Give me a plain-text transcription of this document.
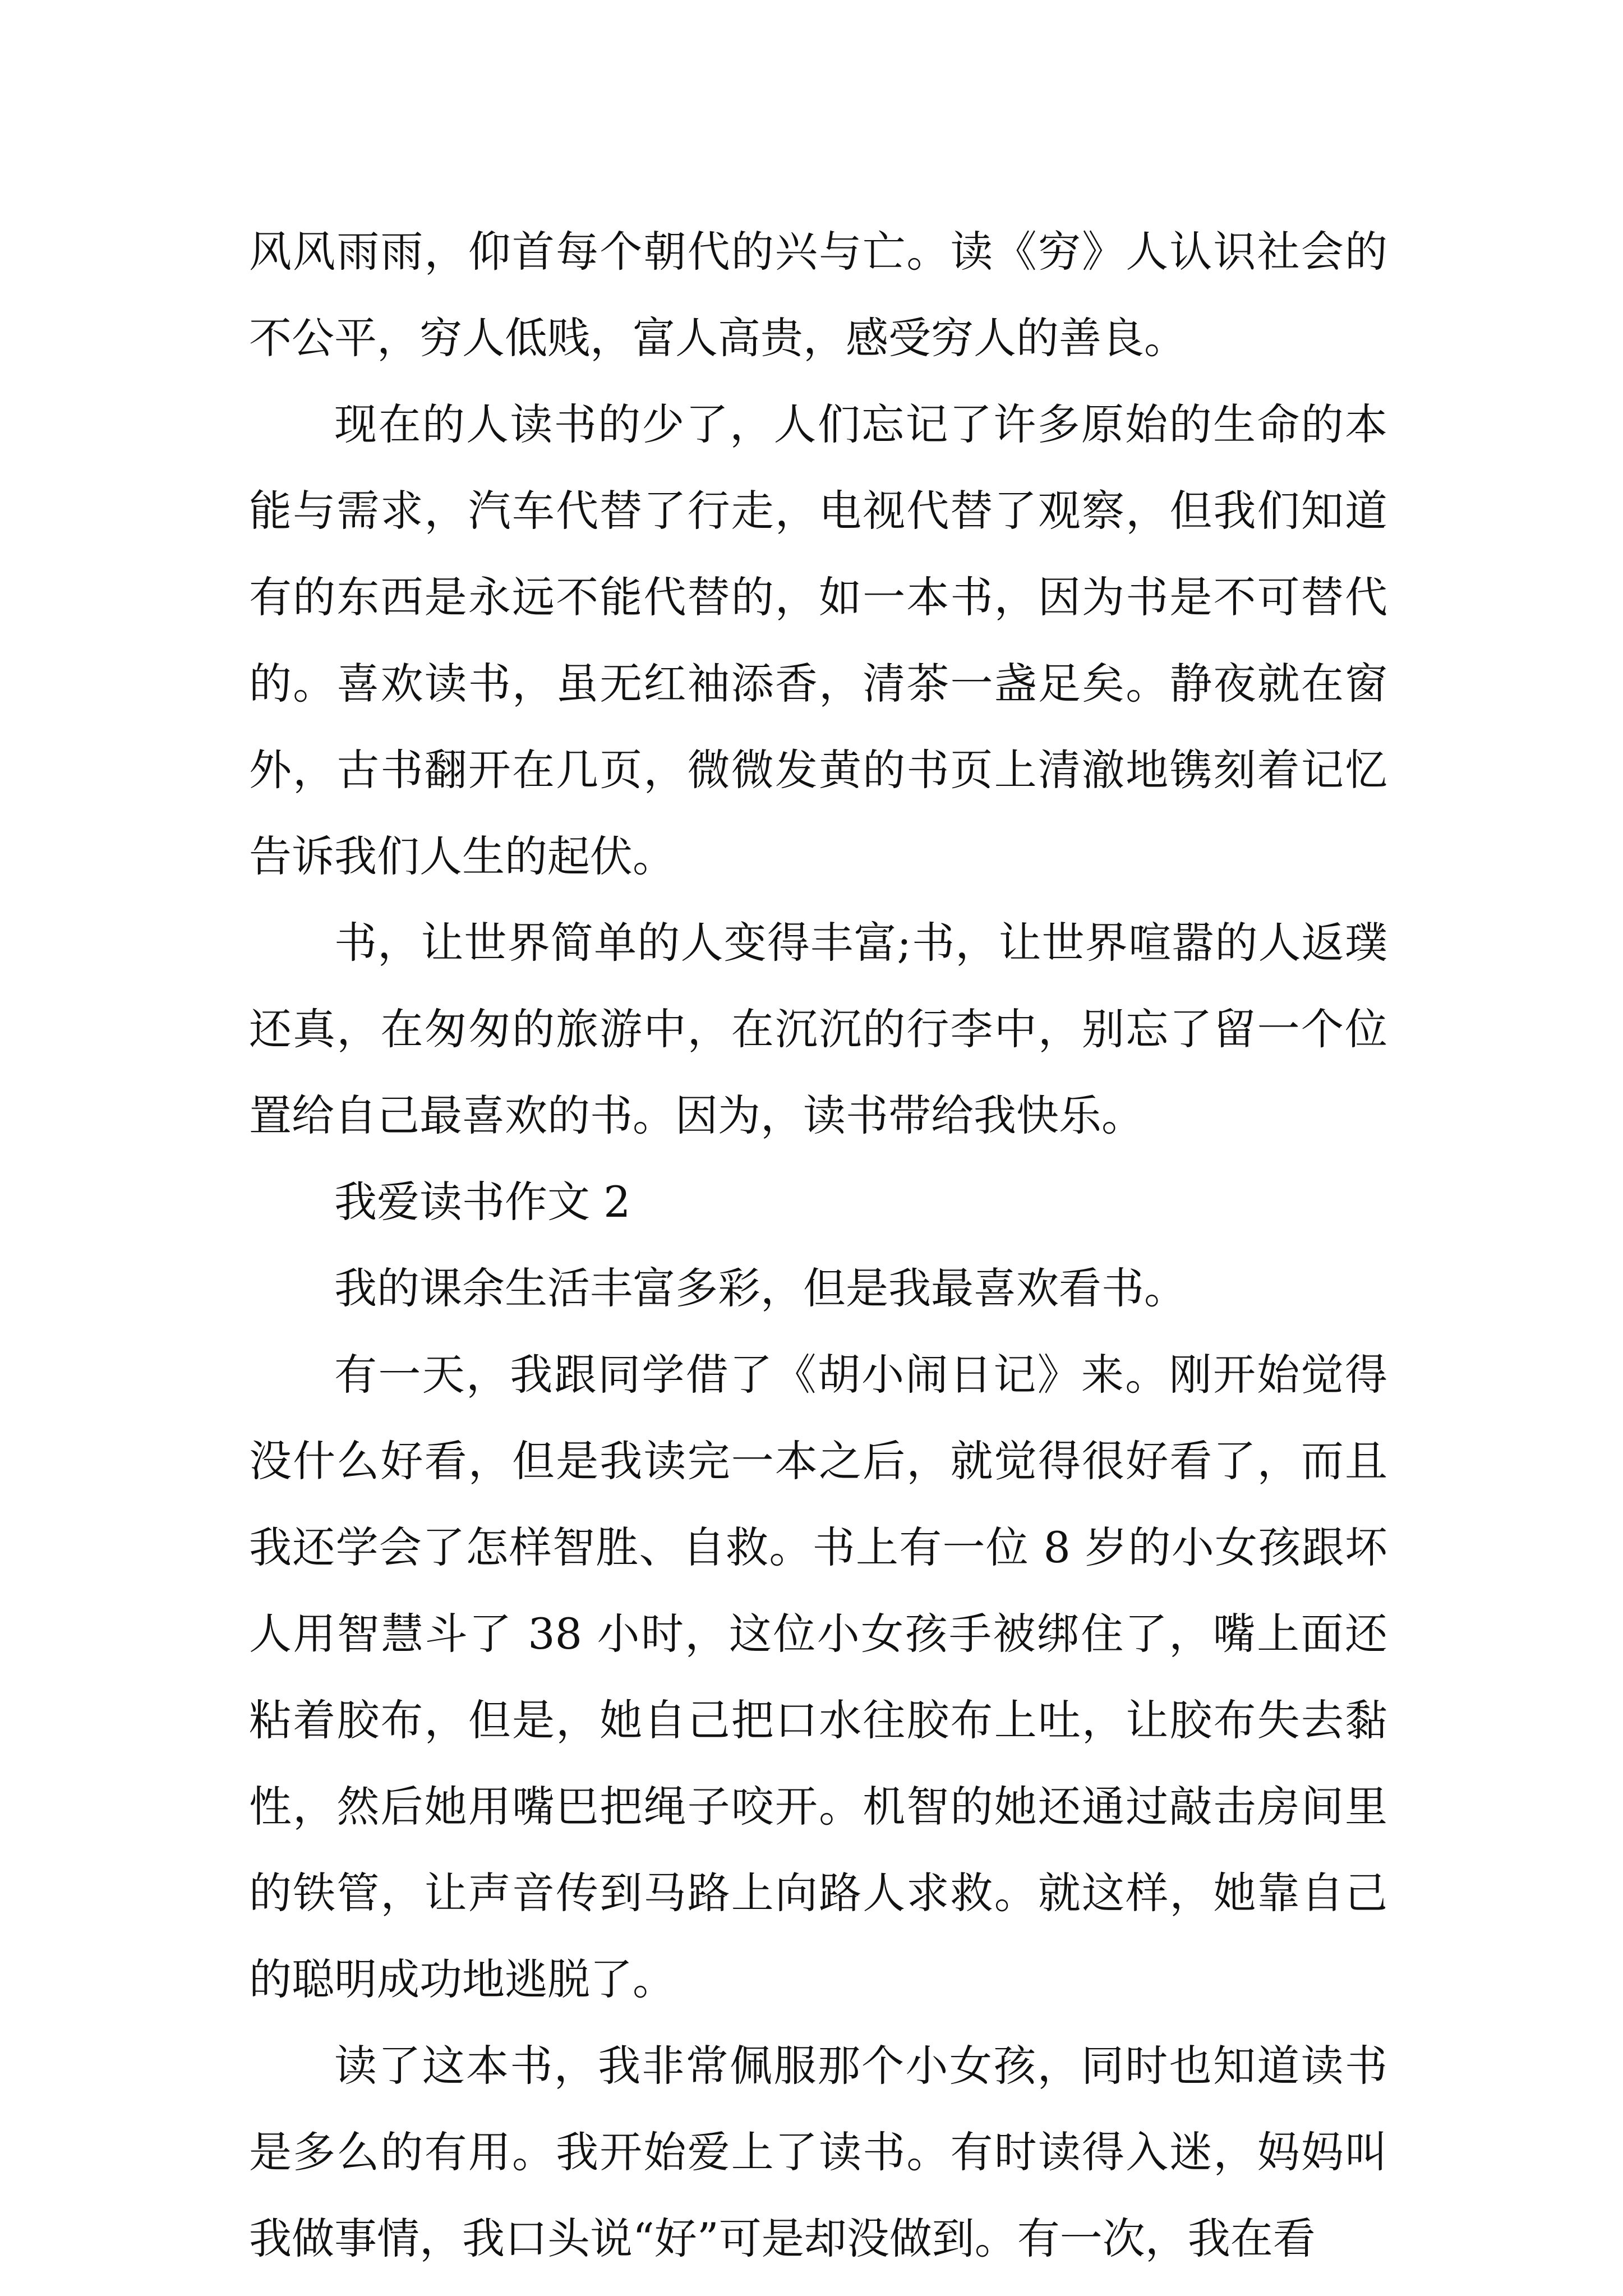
风风雨雨，仰首每个朝代的兴与亡。读《穷》人认识社会的不公平，穷人低贱，富人高贵，感受穷人的善良。

现在的人读书的少了，人们忘记了许多原始的生命的本能与需求，汽车代替了行走，电视代替了观察，但我们知道有的东西是永远不能代替的，如一本书，因为书是不可替代的。喜欢读书，虽无红袖添香，清茶一盏足矣。静夜就在窗外，古书翻开在几页，微微发黄的书页上清澈地镌刻着记忆告诉我们人生的起伏。

书，让世界简单的人变得丰富;书，让世界喧嚣的人返璞还真，在匆匆的旅游中，在沉沉的行李中，别忘了留一个位置给自己最喜欢的书。因为，读书带给我快乐。

我爱读书作文 2

我的课余生活丰富多彩，但是我最喜欢看书。

有一天，我跟同学借了《胡小闹日记》来。刚开始觉得没什么好看，但是我读完一本之后，就觉得很好看了，而且我还学会了怎样智胜、自救。书上有一位 8 岁的小女孩跟坏人用智慧斗了 38 小时，这位小女孩手被绑住了，嘴上面还粘着胶布，但是，她自己把口水往胶布上吐，让胶布失去黏性，然后她用嘴巴把绳子咬开。机智的她还通过敲击房间里的铁管，让声音传到马路上向路人求救。就这样，她靠自己的聪明成功地逃脱了。

读了这本书，我非常佩服那个小女孩，同时也知道读书是多么的有用。我开始爱上了读书。有时读得入迷，妈妈叫我做事情，我口头说“好”可是却没做到。有一次，我在看
